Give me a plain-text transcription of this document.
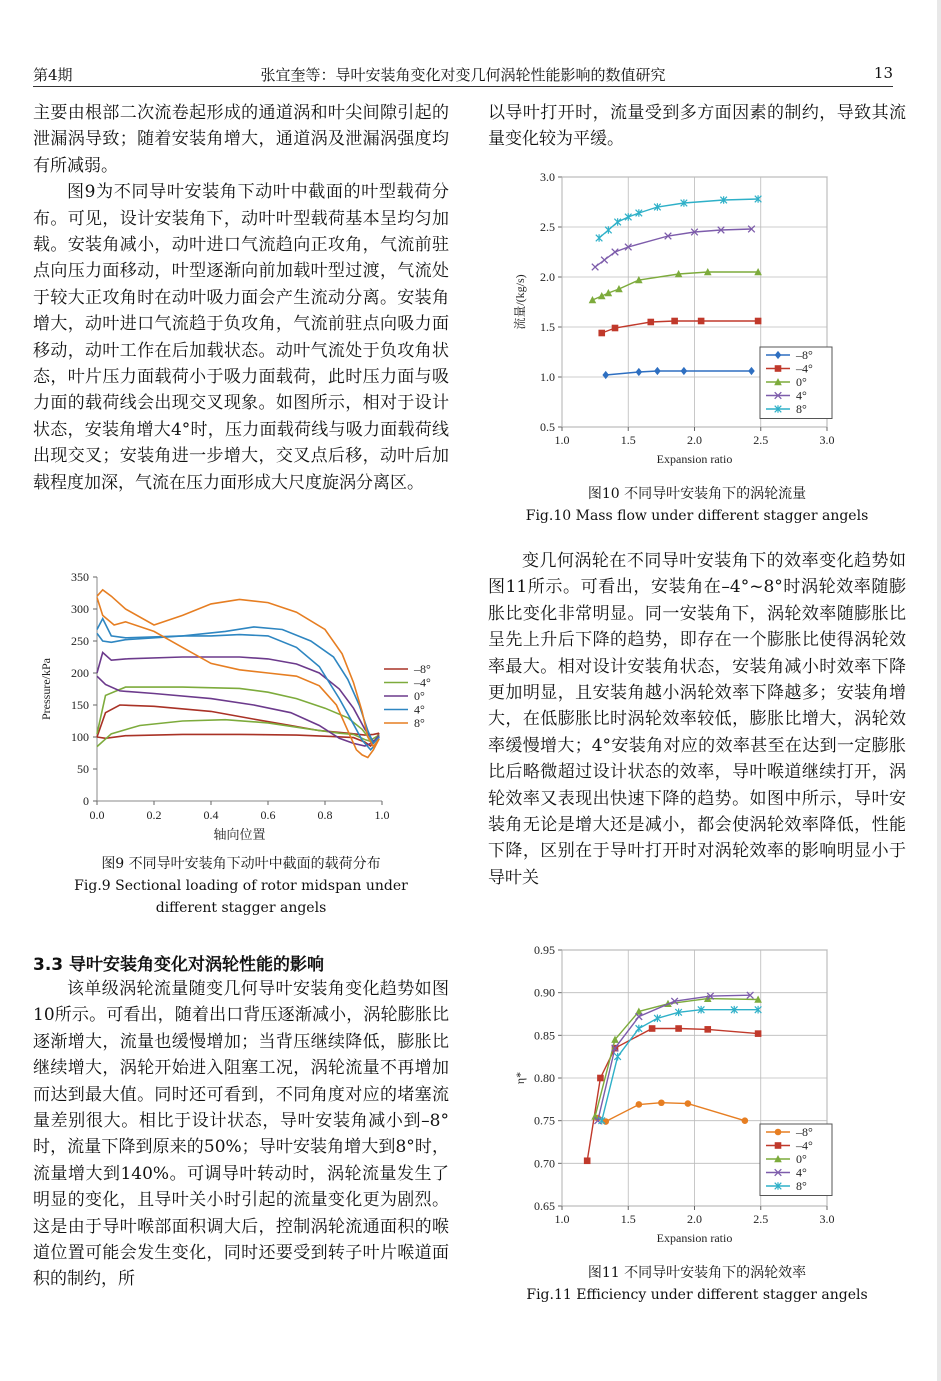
第4期	张宜奎等：导叶安装角变化对变几何涡轮性能影响的数值研究	13

主要由根部二次流卷起形成的通道涡和叶尖间隙引起的泄漏涡导致；随着安装角增大，通道涡及泄漏涡强度均有所减弱。

图9为不同导叶安装角下动叶中截面的叶型载荷分布。可见，设计安装角下，动叶叶型载荷基本呈均匀加载。安装角减小，动叶进口气流趋向正攻角，气流前驻点向压力面移动，叶型逐渐向前加载叶型过渡，气流处于较大正攻角时在动叶吸力面会产生流动分离。安装角增大，动叶进口气流趋于负攻角，气流前驻点向吸力面移动，动叶工作在后加载状态。动叶气流处于负攻角状态，叶片压力面载荷小于吸力面载荷，此时压力面与吸力面的载荷线会出现交叉现象。如图所示，相对于设计状态，安装角增大4°时，压力面载荷线与吸力面载荷线出现交叉；安装角进一步增大，交叉点后移，动叶后加载程度加深，气流在压力面形成大尺度旋涡分离区。

0
50
100
150
200
250
300
350
0.0	0.2	0.4	0.6	0.8	1.0
轴向位置
Pressure/kPa	–8°
–4°
0°
4°
8°
图9 不同导叶安装角下动叶中截面的载荷分布
Fig.9 Sectional loading of rotor midspan under
different stagger angels
3.3 导叶安装角变化对涡轮性能的影响

该单级涡轮流量随变几何导叶安装角变化趋势如图10所示。可看出，随着出口背压逐渐减小，涡轮膨胀比逐渐增大，流量也缓慢增加；当背压继续降低，膨胀比继续增大，涡轮开始进入阻塞工况，涡轮流量不再增加而达到最大值。同时还可看到，不同角度对应的堵塞流量差别很大。相比于设计状态，导叶安装角减小到–8°时，流量下降到原来的50%；导叶安装角增大到8°时，流量增大到140%。可调导叶转动时，涡轮流量发生了明显的变化，且导叶关小时引起的流量变化更为剧烈。这是由于导叶喉部面积调大后，控制涡轮流通面积的喉道位置可能会发生变化，同时还要受到转子叶片喉道面积的制约，所

以导叶打开时，流量受到多方面因素的制约，导致其流量变化较为平缓。

0.5
1.0
1.5
2.0
2.5
3.0
1.0	1.5	2.0	2.5	3.0
Expansion ratio
流量/(kg/s)
–8°
–4°
0°
4°
8°
图10 不同导叶安装角下的涡轮流量
Fig.10 Mass flow under different stagger angels

变几何涡轮在不同导叶安装角下的效率变化趋势如图11所示。可看出，安装角在–4°~8°时涡轮效率随膨胀比变化非常明显。同一安装角下，涡轮效率随膨胀比呈先上升后下降的趋势，即存在一个膨胀比使得涡轮效率最大。相对设计安装角状态，安装角减小时效率下降更加明显，且安装角越小涡轮效率下降越多；安装角增大，在低膨胀比时涡轮效率较低，膨胀比增大，涡轮效率缓慢增大；4°安装角对应的效率甚至在达到一定膨胀比后略微超过设计状态的效率，导叶喉道继续打开，涡轮效率又表现出快速下降的趋势。如图中所示，导叶安装角无论是增大还是减小，都会使涡轮效率降低，性能下降，区别在于导叶打开时对涡轮效率的影响明显小于导叶关

0.65
0.70
0.75
0.80
0.85
0.90
0.95
1.0	1.5	2.0	2.5	3.0
Expansion ratio
η*
–8°
–4°
0°
4°
8°
图11 不同导叶安装角下的涡轮效率
Fig.11 Efficiency under different stagger angels
